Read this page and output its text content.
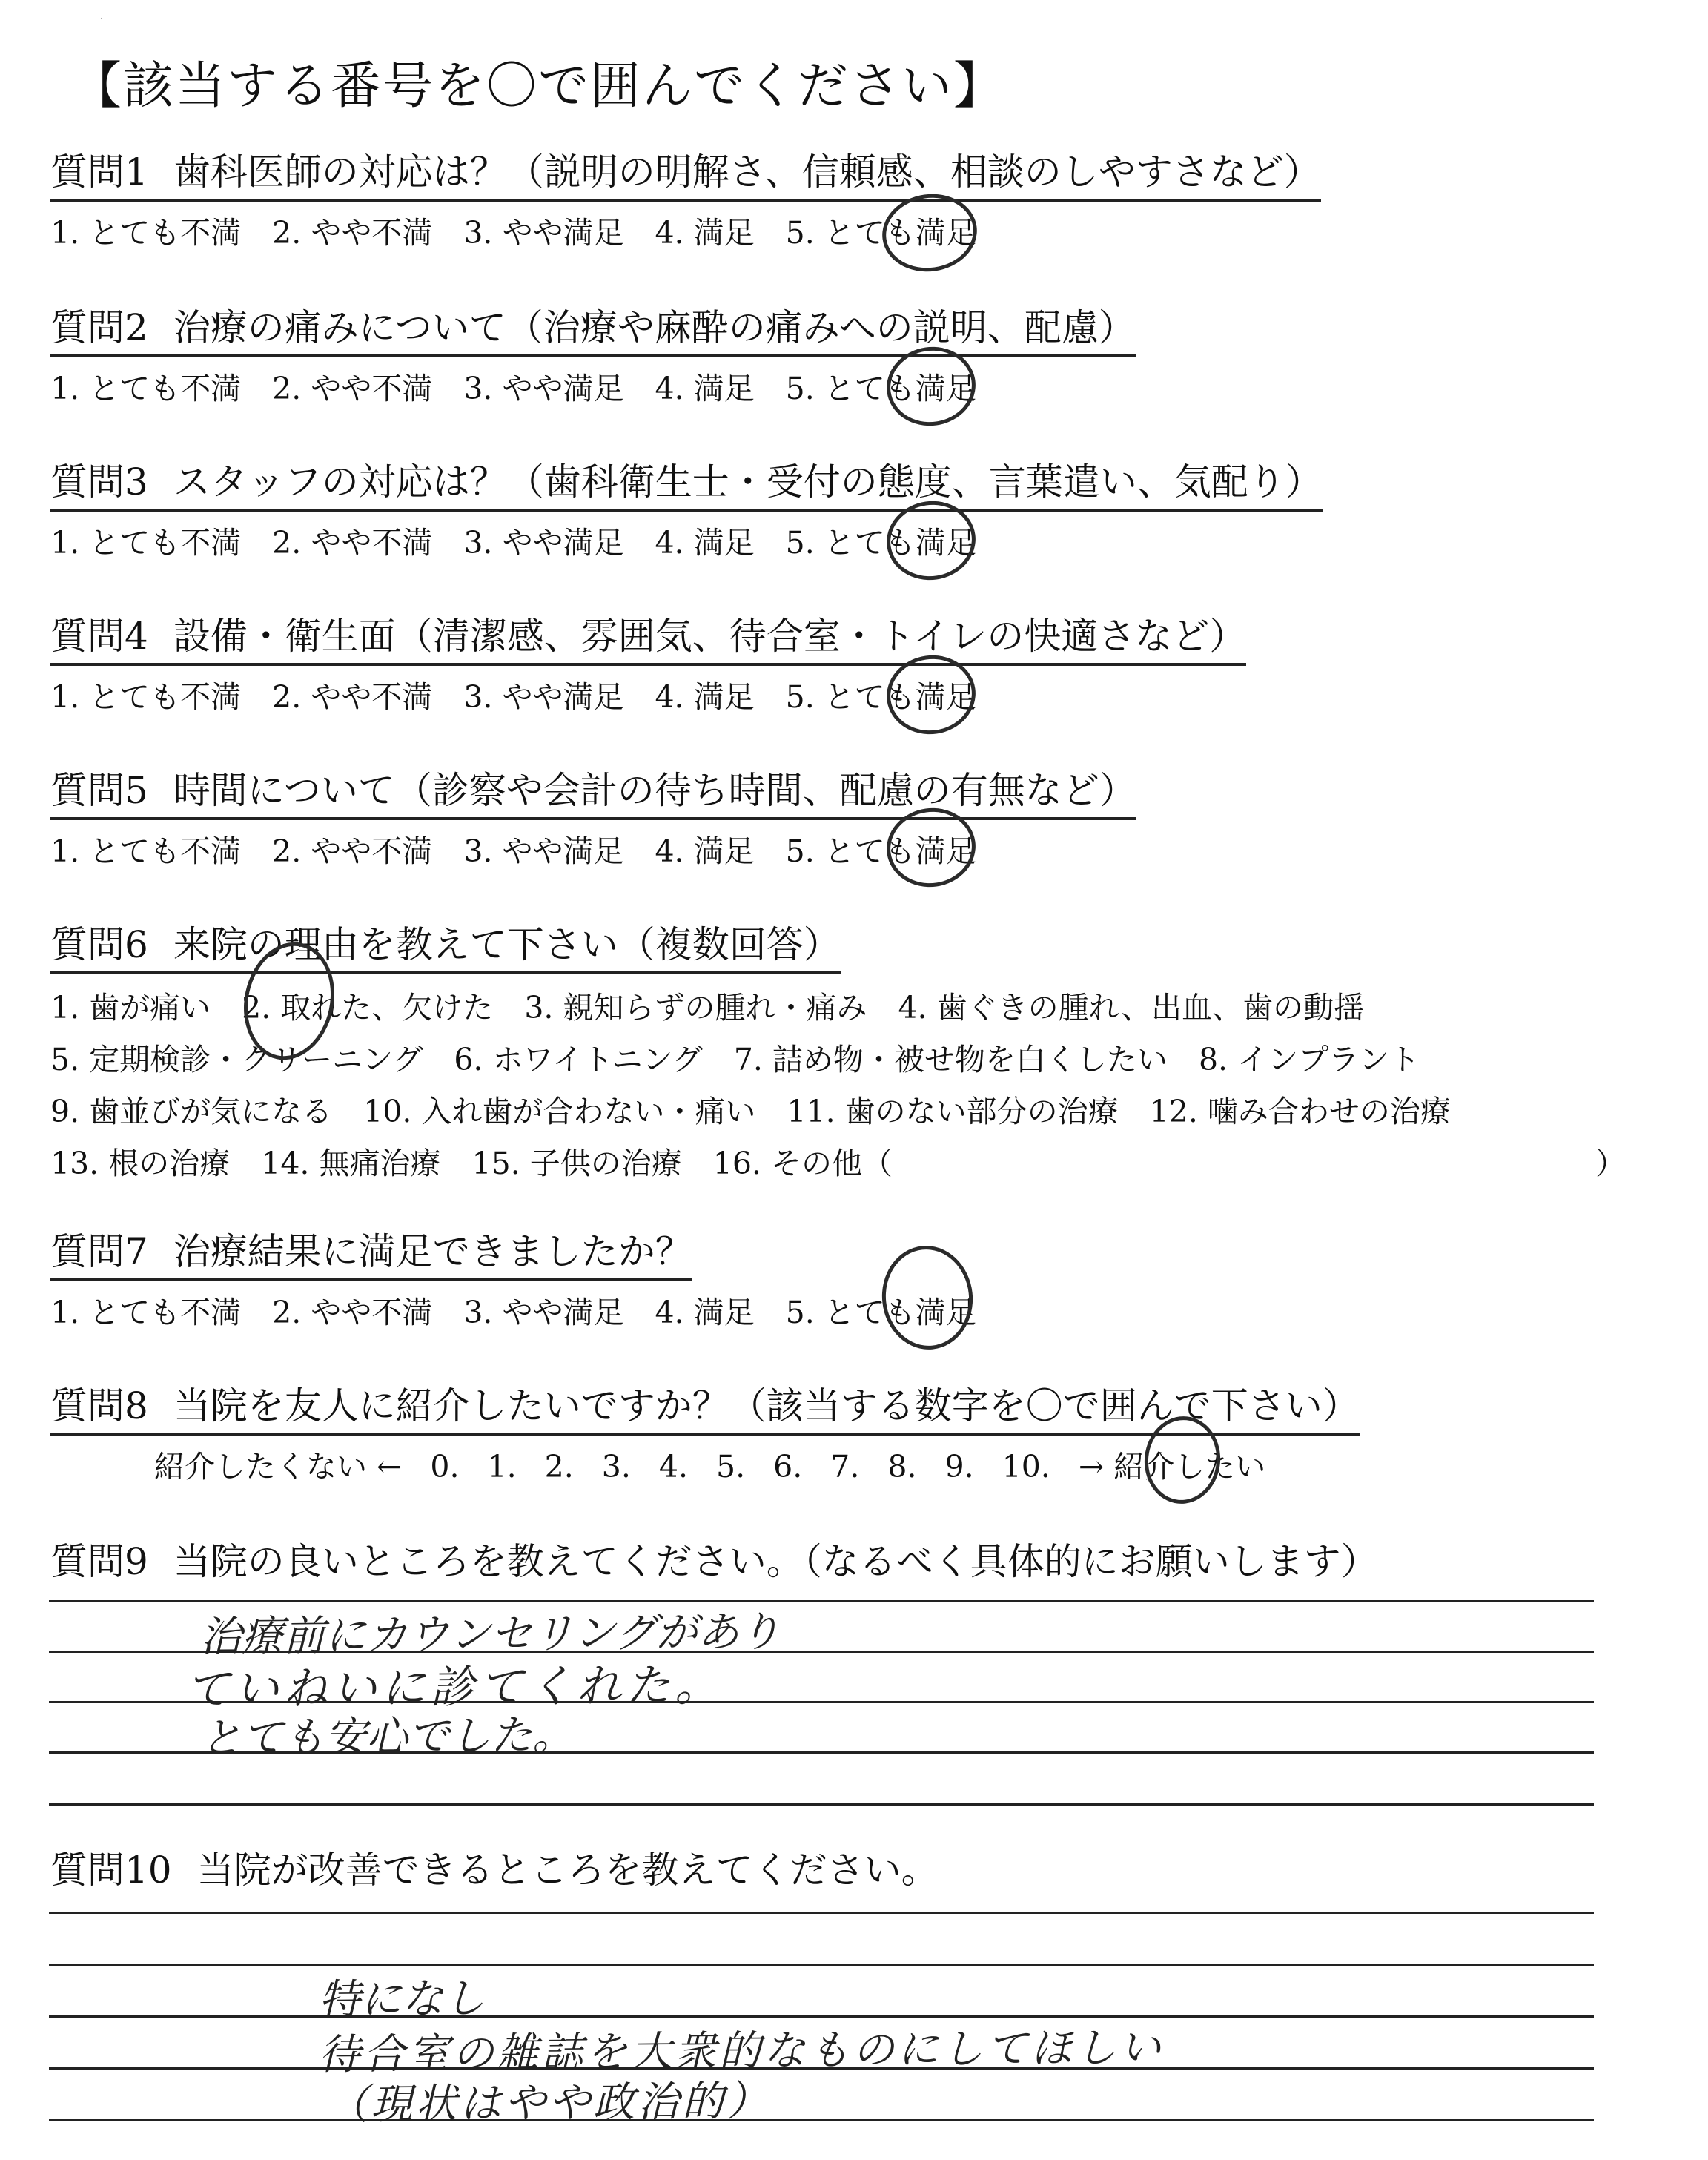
·
【該当する番号を〇で囲んでください】
質問1 歯科医師の対応は？（説明の明解さ、信頼感、相談のしやすさなど）
1. とても不満 2. やや不満 3. やや満足 4. 満足 5. とても満足
質問2 治療の痛みについて（治療や麻酔の痛みへの説明、配慮）
1. とても不満 2. やや不満 3. やや満足 4. 満足 5. とても満足
質問3 スタッフの対応は？（歯科衛生士・受付の態度、言葉遣い、気配り）
1. とても不満 2. やや不満 3. やや満足 4. 満足 5. とても満足
質問4 設備・衛生面（清潔感、雰囲気、待合室・トイレの快適さなど）
1. とても不満 2. やや不満 3. やや満足 4. 満足 5. とても満足
質問5 時間について（診察や会計の待ち時間、配慮の有無など）
1. とても不満 2. やや不満 3. やや満足 4. 満足 5. とても満足
質問6 来院の理由を教えて下さい（複数回答）
1. 歯が痛い 2. 取れた、欠けた 3. 親知らずの腫れ・痛み 4. 歯ぐきの腫れ、出血、歯の動揺
5. 定期検診・クリーニング 6. ホワイトニング 7. 詰め物・被せ物を白くしたい 8. インプラント
9. 歯並びが気になる 10. 入れ歯が合わない・痛い 11. 歯のない部分の治療 12. 噛み合わせの治療
13. 根の治療 14. 無痛治療 15. 子供の治療 16. その他（	）
質問7 治療結果に満足できましたか？
1. とても不満 2. やや不満 3. やや満足 4. 満足 5. とても満足
質問8 当院を友人に紹介したいですか？（該当する数字を〇で囲んで下さい）
紹介したくない ← 0. 1. 2. 3. 4. 5. 6. 7. 8. 9. 10. → 紹介したい
質問9 当院の良いところを教えてください。（なるべく具体的にお願いします）
治療前にカウンセリングがあり
ていねいに診てくれた。
とても安心でした。
質問10 当院が改善できるところを教えてください。
特になし
待合室の雑誌を大衆的なものにしてほしい
（現状はやや政治的）
